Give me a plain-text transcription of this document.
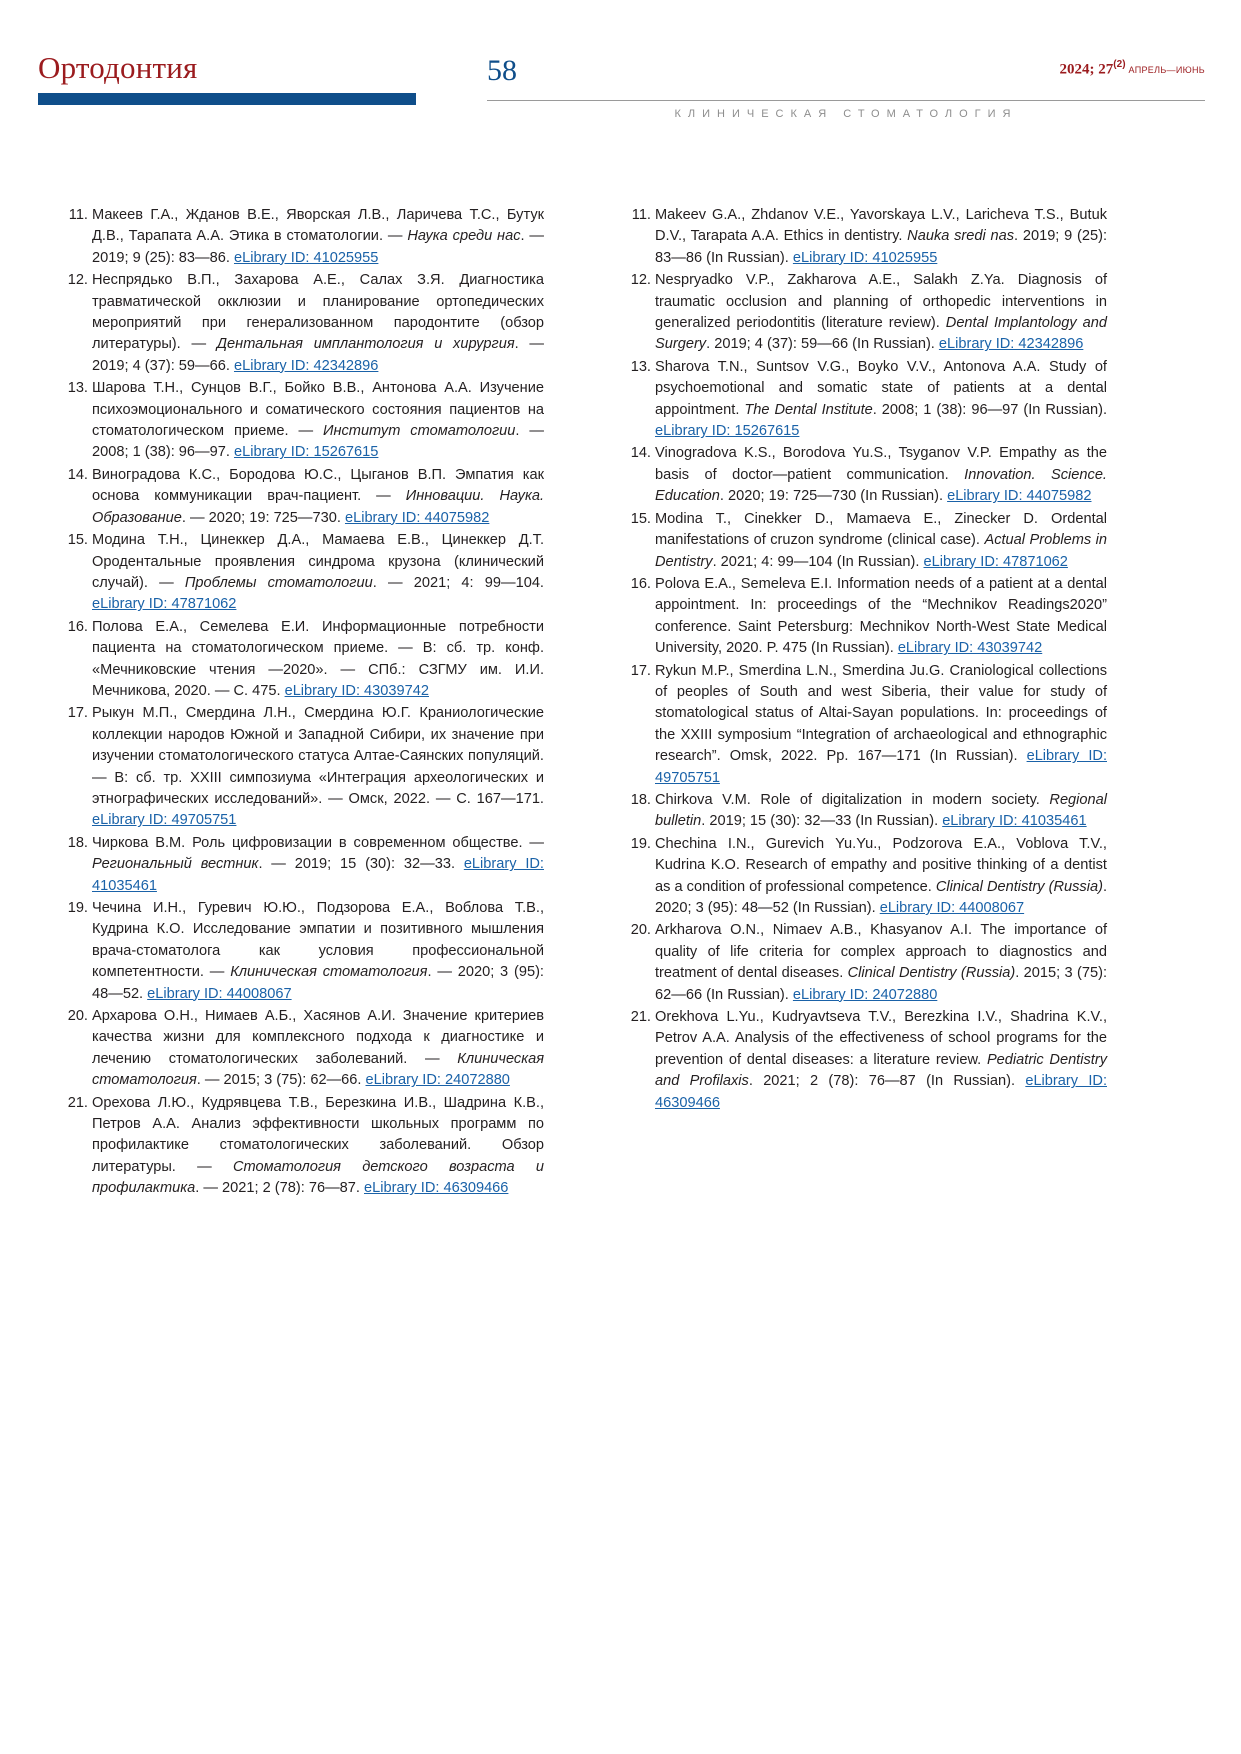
Ортодонтия	58	2024; 27$^{(2)}$АПРЕЛЬ—ИЮНЬ
КЛИНИЧЕСКАЯ СТОМАТОЛОГИЯ
11. Макеев Г.А., Жданов В.Е., Яворская Л.В., Ларичева Т.С., Бутук Д.В., Тарапата А.А. Этика в стоматологии. — Наука среди нас. — 2019; 9 (25): 83—86. eLibrary ID: 41025955
12. Неспрядько В.П., Захарова А.Е., Салах З.Я. Диагностика травматической окклюзии и планирование ортопедических мероприятий при генерализованном пародонтите (обзор литературы). — Дентальная имплантология и хирургия. — 2019; 4 (37): 59—66. eLibrary ID: 42342896
13. Шарова Т.Н., Сунцов В.Г., Бойко В.В., Антонова А.А. Изучение психоэмоционального и соматического состояния пациентов на стоматологическом приеме. — Институт стоматологии. — 2008; 1 (38): 96—97. eLibrary ID: 15267615
14. Виноградова К.С., Бородова Ю.С., Цыганов В.П. Эмпатия как основа коммуникации врач-пациент. — Инновации. Наука. Образование. — 2020; 19: 725—730. eLibrary ID: 44075982
15. Модина Т.Н., Цинеккер Д.А., Мамаева Е.В., Цинеккер Д.Т. Ородентальные проявления синдрома крузона (клинический случай). — Проблемы стоматологии. — 2021; 4: 99—104. eLibrary ID: 47871062
16. Полова Е.А., Семелева Е.И. Информационные потребности пациента на стоматологическом приеме. — В: сб. тр. конф. «Мечниковские чтения —2020». — СПб.: СЗГМУ им. И.И. Мечникова, 2020. — С. 475. eLibrary ID: 43039742
17. Рыкун М.П., Смердина Л.Н., Смердина Ю.Г. Краниологические коллекции народов Южной и Западной Сибири, их значение при изучении стоматологического статуса Алтае-Саянских популяций. — В: сб. тр. XXIII симпозиума «Интеграция археологических и этнографических исследований». — Омск, 2022. — С. 167—171. eLibrary ID: 49705751
18. Чиркова В.М. Роль цифровизации в современном обществе. — Региональный вестник. — 2019; 15 (30): 32—33. eLibrary ID: 41035461
19. Чечина И.Н., Гуревич Ю.Ю., Подзорова Е.А., Воблова Т.В., Кудрина К.О. Исследование эмпатии и позитивного мышления врача-стоматолога как условия профессиональной компетентности. — Клиническая стоматология. — 2020; 3 (95): 48—52. eLibrary ID: 44008067
20. Архарова О.Н., Нимаев А.Б., Хасянов А.И. Значение критериев качества жизни для комплексного подхода к диагностике и лечению стоматологических заболеваний. — Клиническая стоматология. — 2015; 3 (75): 62—66. eLibrary ID: 24072880
21. Орехова Л.Ю., Кудрявцева Т.В., Березкина И.В., Шадрина К.В., Петров А.А. Анализ эффективности школьных программ по профилактике стоматологических заболеваний. Обзор литературы. — Стоматология детского возраста и профилактика. — 2021; 2 (78): 76—87. eLibrary ID: 46309466
11. Makeev G.A., Zhdanov V.E., Yavorskaya L.V., Laricheva T.S., Butuk D.V., Tarapata A.A. Ethics in dentistry. Nauka sredi nas. 2019; 9 (25): 83—86 (In Russian). eLibrary ID: 41025955
12. Nespryadko V.P., Zakharova A.E., Salakh Z.Ya. Diagnosis of traumatic occlusion and planning of orthopedic interventions in generalized periodontitis (literature review). Dental Implantology and Surgery. 2019; 4 (37): 59—66 (In Russian). eLibrary ID: 42342896
13. Sharova T.N., Suntsov V.G., Boyko V.V., Antonova A.A. Study of psychoemotional and somatic state of patients at a dental appointment. The Dental Institute. 2008; 1 (38): 96—97 (In Russian). eLibrary ID: 15267615
14. Vinogradova K.S., Borodova Yu.S., Tsyganov V.P. Empathy as the basis of doctor—patient communication. Innovation. Science. Education. 2020; 19: 725—730 (In Russian). eLibrary ID: 44075982
15. Modina T., Cinekker D., Mamaeva E., Zinecker D. Ordental manifestations of cruzon syndrome (clinical case). Actual Problems in Dentistry. 2021; 4: 99—104 (In Russian). eLibrary ID: 47871062
16. Polova E.A., Semeleva E.I. Information needs of a patient at a dental appointment. In: proceedings of the “Mechnikov Readings2020” conference. Saint Petersburg: Mechnikov North-West State Medical University, 2020. P. 475 (In Russian). eLibrary ID: 43039742
17. Rykun M.P., Smerdina L.N., Smerdina Ju.G. Craniological collections of peoples of South and west Siberia, their value for study of stomatological status of Altai-Sayan populations. In: proceedings of the XXIII symposium “Integration of archaeological and ethnographic research”. Omsk, 2022. Pp. 167—171 (In Russian). eLibrary ID: 49705751
18. Chirkova V.M. Role of digitalization in modern society. Regional bulletin. 2019; 15 (30): 32—33 (In Russian). eLibrary ID: 41035461
19. Chechina I.N., Gurevich Yu.Yu., Podzorova E.A., Voblova T.V., Kudrina K.O. Research of empathy and positive thinking of a dentist as a condition of professional competence. Clinical Dentistry (Russia). 2020; 3 (95): 48—52 (In Russian). eLibrary ID: 44008067
20. Arkharova O.N., Nimaev A.B., Khasyanov A.I. The importance of quality of life criteria for complex approach to diagnostics and treatment of dental diseases. Clinical Dentistry (Russia). 2015; 3 (75): 62—66 (In Russian). eLibrary ID: 24072880
21. Orekhova L.Yu., Kudryavtseva T.V., Berezkina I.V., Shadrina K.V., Petrov A.A. Analysis of the effectiveness of school programs for the prevention of dental diseases: a literature review. Pediatric Dentistry and Profilaxis. 2021; 2 (78): 76—87 (In Russian). eLibrary ID: 46309466
